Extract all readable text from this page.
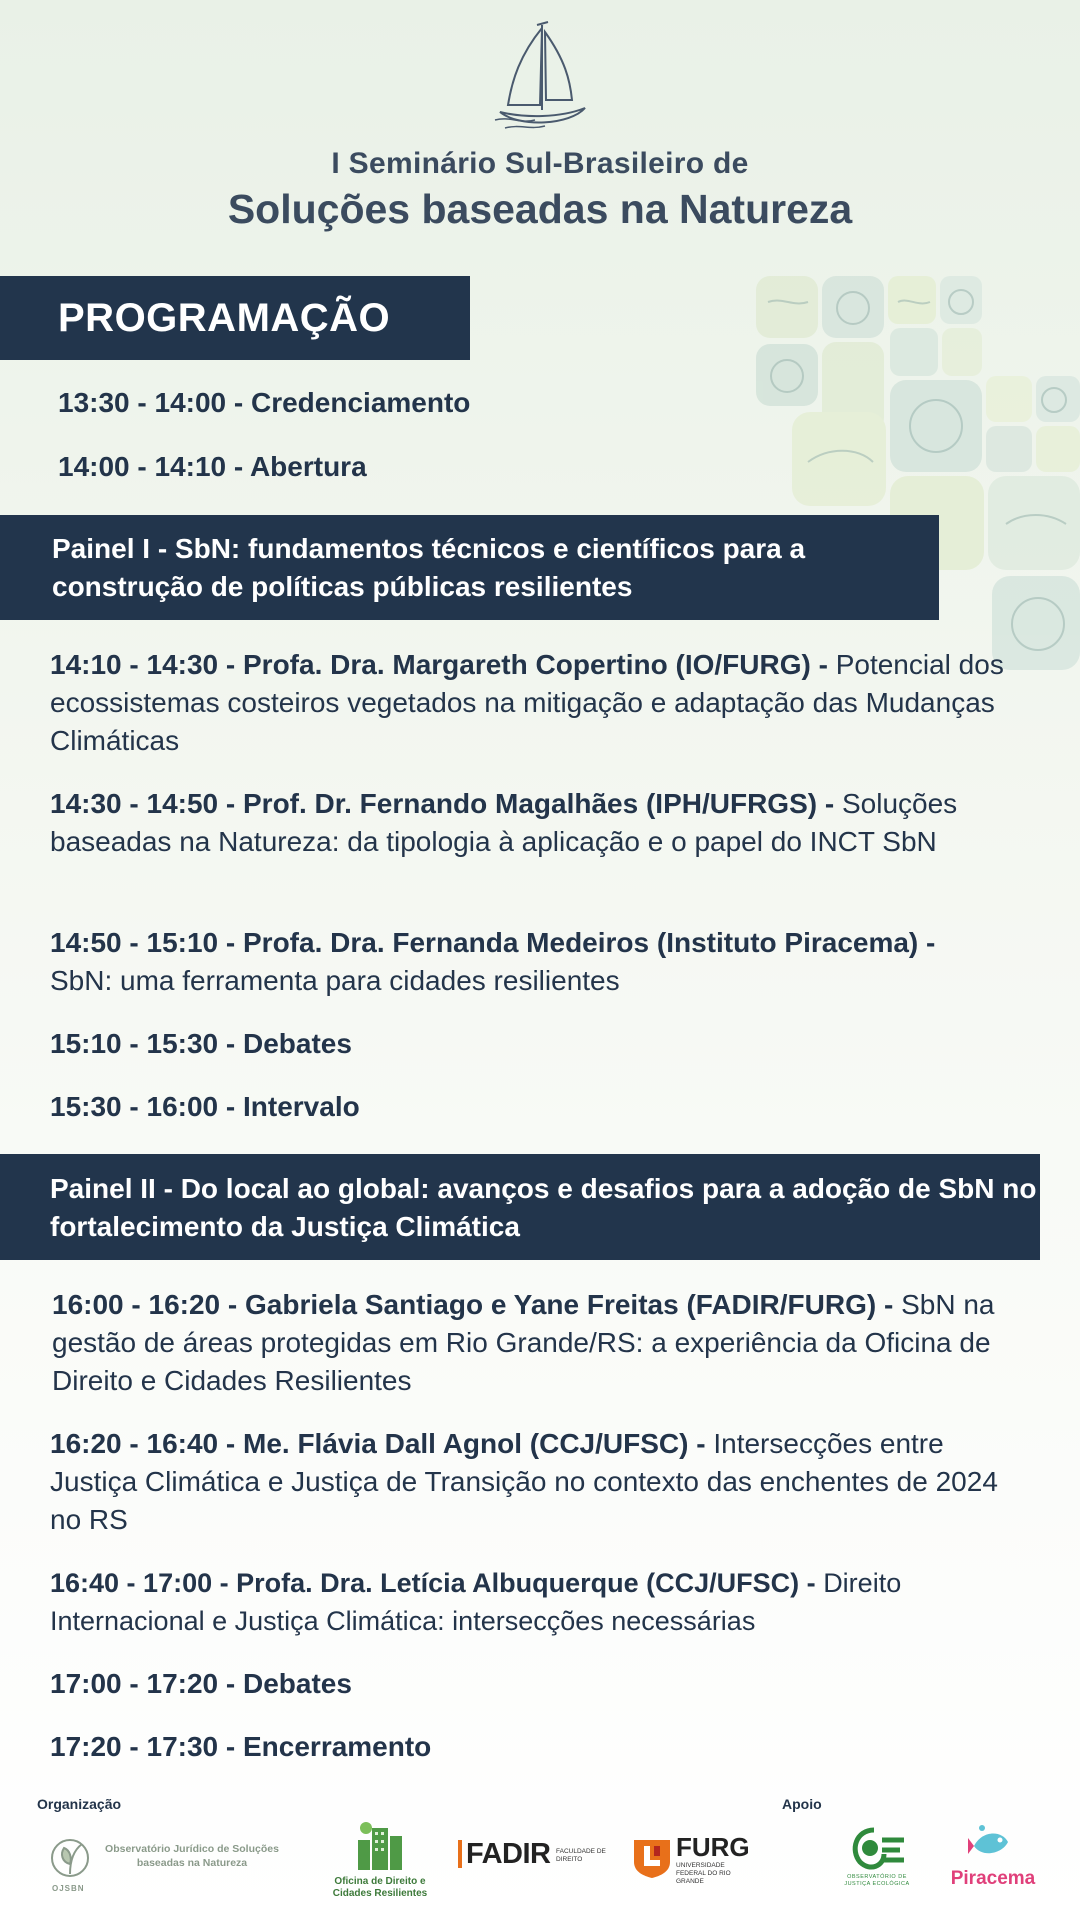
I Seminário Sul-Brasileiro de
Soluções baseadas na Natureza
PROGRAMAÇÃO
13:30 - 14:00 - Credenciamento
14:00 - 14:10 - Abertura
Painel I - SbN: fundamentos técnicos e científicos para a construção de políticas públicas resilientes
14:10 - 14:30 - Profa. Dra. Margareth Copertino (IO/FURG) - Potencial dos ecossistemas costeiros vegetados na mitigação e adaptação das Mudanças Climáticas
14:30 - 14:50 - Prof. Dr. Fernando Magalhães (IPH/UFRGS) - Soluções baseadas na Natureza: da tipologia à aplicação e o papel do INCT SbN
14:50 - 15:10 - Profa. Dra. Fernanda Medeiros (Instituto Piracema) - SbN: uma ferramenta para cidades resilientes
15:10 - 15:30 - Debates
15:30 - 16:00 - Intervalo
Painel II - Do local ao global: avanços e desafios para a adoção de SbN no fortalecimento da Justiça Climática
16:00 - 16:20 - Gabriela Santiago e Yane Freitas (FADIR/FURG) - SbN na gestão de áreas protegidas em Rio Grande/RS: a experiência da Oficina de Direito e Cidades Resilientes
16:20 - 16:40 - Me. Flávia Dall Agnol (CCJ/UFSC) - Intersecções entre Justiça Climática e Justiça de Transição no contexto das enchentes de 2024 no RS
16:40 - 17:00 - Profa. Dra. Letícia Albuquerque (CCJ/UFSC) - Direito Internacional e Justiça Climática: intersecções necessárias
17:00 - 17:20 - Debates
17:20 - 17:30 - Encerramento
Organização	Apoio
OJSBN
Observatório Jurídico de Soluções baseadas na Natureza
Oficina de Direito e Cidades Resilientes
FADIR FACULDADE DE DIREITO	FURG
UNIVERSIDADE FEDERAL DO RIO GRANDE
OBSERVATÓRIO DE JUSTIÇA ECOLÓGICA	Piracema
